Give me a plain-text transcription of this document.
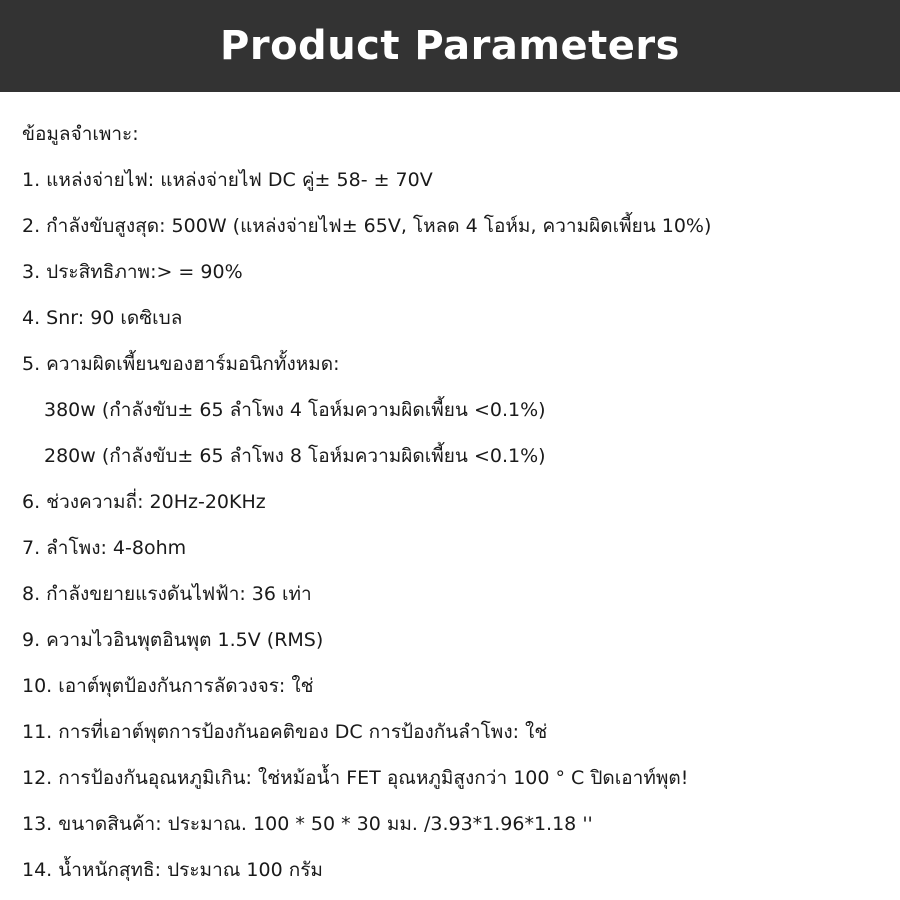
Product Parameters
ข้อมูลจำเพาะ:
1. แหล่งจ่ายไฟ: แหล่งจ่ายไฟ DC คู่± 58- ± 70V
2. กำลังขับสูงสุด: 500W (แหล่งจ่ายไฟ± 65V, โหลด 4 โอห์ม, ความผิดเพี้ยน 10%)
3. ประสิทธิภาพ:> = 90%
4. Snr: 90 เดซิเบล
5. ความผิดเพี้ยนของฮาร์มอนิกทั้งหมด:
380w (กำลังขับ± 65 ลำโพง 4 โอห์มความผิดเพี้ยน <0.1%)
280w (กำลังขับ± 65 ลำโพง 8 โอห์มความผิดเพี้ยน <0.1%)
6. ช่วงความถี่: 20Hz-20KHz
7. ลำโพง: 4-8ohm
8. กำลังขยายแรงดันไฟฟ้า: 36 เท่า
9. ความไวอินพุตอินพุต 1.5V (RMS)
10. เอาต์พุตป้องกันการลัดวงจร: ใช่
11. การที่เอาต์พุตการป้องกันอคติของ DC การป้องกันลำโพง: ใช่
12. การป้องกันอุณหภูมิเกิน: ใช่หม้อน้ำ FET อุณหภูมิสูงกว่า 100 ° C ปิดเอาท์พุต!
13. ขนาดสินค้า: ประมาณ. 100 * 50 * 30 มม. /3.93*1.96*1.18 ''
14. น้ำหนักสุทธิ: ประมาณ 100 กรัม
